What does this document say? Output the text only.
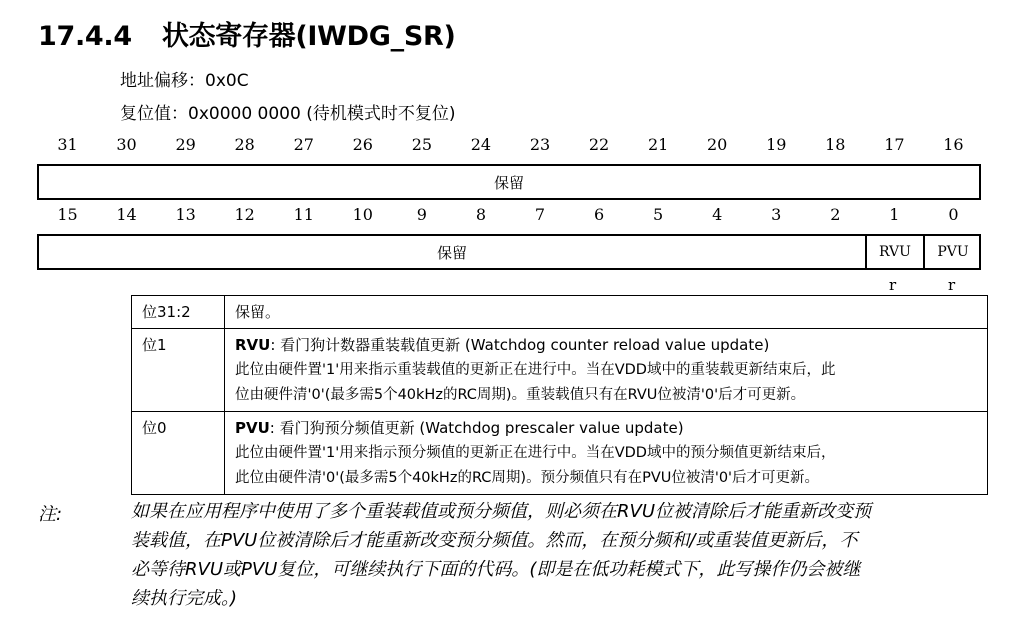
17.4.4 状态寄存器(IWDG_SR)
地址偏移：0x0C
复位值：0x0000 0000 (待机模式时不复位)
31	30	29	28	27	26	25	24	23	22	21	20	19	18	17	16
保留
15	14	13	12	11	10	9	8	7	6	5	4	3	2	1	0
保留	RVU	PVU
r	r
位31:2	保留。
位1	RVU: 看门狗计数器重装载值更新 (Watchdog counter reload value update)
此位由硬件置'1'用来指示重装载值的更新正在进行中。当在VDD域中的重装载更新结束后，此
位由硬件清'0'(最多需5个40kHz的RC周期)。重装载值只有在RVU位被清'0'后才可更新。
位0	PVU: 看门狗预分频值更新 (Watchdog prescaler value update)
此位由硬件置'1'用来指示预分频值的更新正在进行中。当在VDD域中的预分频值更新结束后，
此位由硬件清'0'(最多需5个40kHz的RC周期)。预分频值只有在PVU位被清'0'后才可更新。
注:	如果在应用程序中使用了多个重装载值或预分频值，则必须在RVU位被清除后才能重新改变预
装载值，在PVU位被清除后才能重新改变预分频值。然而，在预分频和/或重装值更新后，不
必等待RVU或PVU复位，可继续执行下面的代码。(即是在低功耗模式下，此写操作仍会被继
续执行完成。)
